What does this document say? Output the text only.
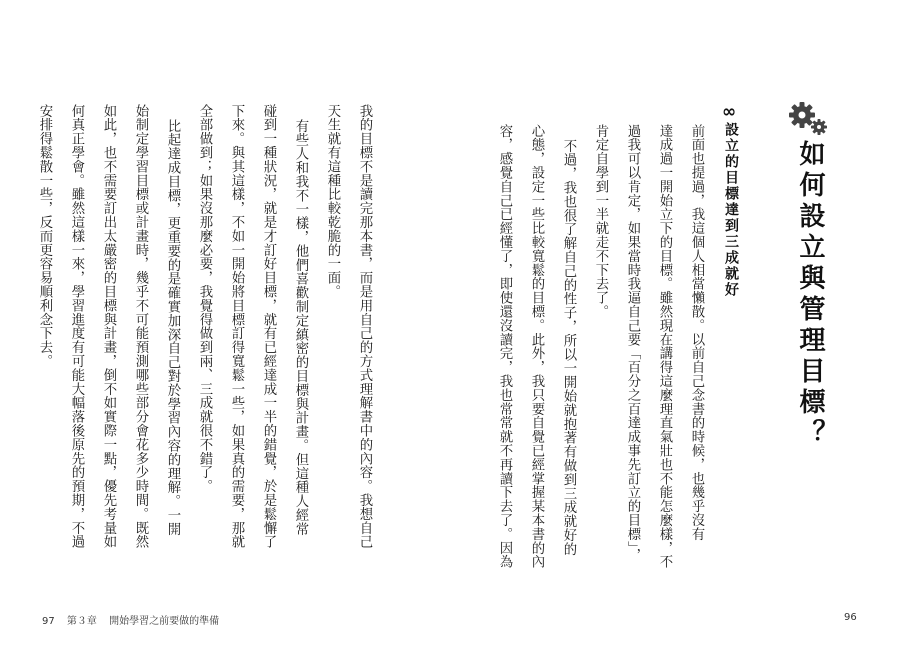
如何設立與管理目標？
∞
設立的目標達到三成就好
前面也提過，我這個人相當懶散。以前自己念書的時候，也幾乎沒有
達成過一開始立下的目標。雖然現在講得這麼理直氣壯也不能怎麼樣，不
過我可以肯定，如果當時我逼自己要「百分之百達成事先訂立的目標」，
肯定自學到一半就走不下去了。
不過，我也很了解自己的性子，所以一開始就抱著有做到三成就好的
心態，設定一些比較寬鬆的目標。此外，我只要自覺已經掌握某本書的內
容，感覺自己已經懂了，即使還沒讀完，我也常常就不再讀下去了。因為
我的目標不是讀完那本書，而是用自己的方式理解書中的內容。我想自己
天生就有這種比較乾脆的一面。
有些人和我不一樣，他們喜歡制定縝密的目標與計畫。但這種人經常
碰到一種狀況，就是才訂好目標，就有已經達成一半的錯覺，於是鬆懈了
下來。與其這樣，不如一開始將目標訂得寬鬆一些，如果真的需要，那就
全部做到；如果沒那麼必要，我覺得做到兩、三成就很不錯了。
比起達成目標，更重要的是確實加深自己對於學習內容的理解。一開
始制定學習目標或計畫時，幾乎不可能預測哪些部分會花多少時間。既然
如此，也不需要訂出太嚴密的目標與計畫，倒不如實際一點，優先考量如
何真正學會。雖然這樣一來，學習進度有可能大幅落後原先的預期，不過
安排得鬆散一些，反而更容易順利念下去。
97 第３章 開始學習之前要做的準備	96
